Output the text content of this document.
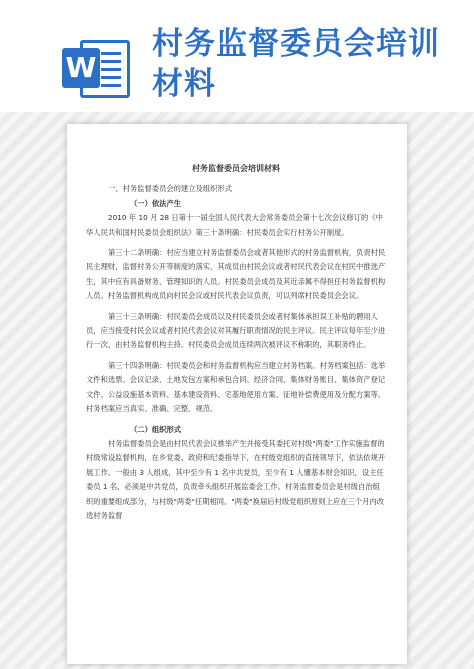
W
村务监督委员会培训材料
村务监督委员会培训材料
一、村务监督委员会的建立及组织形式
（一）依法产生

2010 年 10 月 28 日第十一届全国人民代表大会常务委员会第十七次会议修订的《中华人民共和国村民委员会组织法》第三十条明确：村民委员会实行村务公开制度。

第三十二条明确：村应当建立村务监督委员会或者其他形式的村务监督机构，负责村民民主理财，监督村务公开等制度的落实，其成员由村民会议或者村民代表会议在村民中推选产生，其中应有具备财务、管理知识的人员。村民委员会成员及其近亲属不得担任村务监督机构人员。村务监督机构成员向村民会议或村民代表会议负责，可以列席村民委员会会议。

第三十三条明确：村民委员会成员以及村民委员会或者村集体承担误工补贴的聘用人员，应当接受村民会议或者村民代表会议对其履行职责情况的民主评议。民主评议每年至少进行一次，由村务监督机构主持。村民委员会成员连续两次被评议不称职的，其职务终止。

第三十四条明确：村民委员会和村务监督机构应当建立村务档案。村务档案包括：选举文件和选票、会议记录、土地发包方案和承包合同、经济合同、集体财务账目、集体资产登记文件、公益设施基本资料、基本建设资料、宅基地使用方案、征地补偿费使用及分配方案等。村务档案应当真实、准确、完整、规范。

（二）组织形式

村务监督委员会是由村民代表会议推举产生并接受其委托对村级"两委"工作实施监督的村级常设监督机构，在乡党委、政府和纪委指导下，在村级党组织的直接领导下，依法依规开展工作。一般由 3 人组成，其中至少有 1 名中共党员，至少有 1 人懂基本财会知识，设主任委员 1 名，必须是中共党员，负责牵头组织开展监委会工作。村务监督委员会是村级自治组织的重要组成部分，与村级"两委"任期相同。"两委"换届后村级党组织原则上应在三个月内改选村务监督
